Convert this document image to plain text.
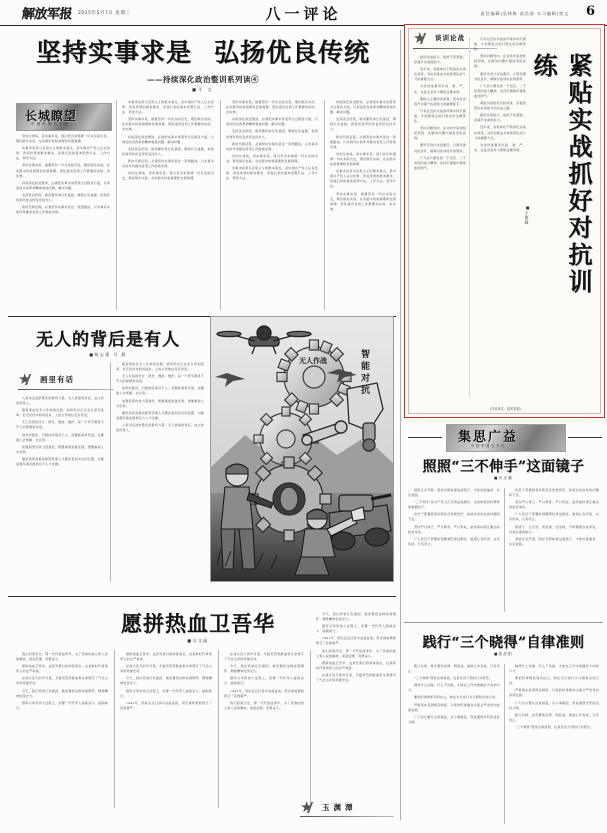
解放军报 2025年5月7日 星期三	八一评论	责任编辑|袁林栋 高浩淇 实习编辑|贾文 6
坚持实事求是 弘扬优良传统
——持续深化政治整训系列读④
■平 言
长城瞭望
中国军网名专栏

党的生命线，是实事求是。我们党历来强调一切从实际出发，理论联系实际，在实践中检验真理和发展真理。

实事求是是马克思主义的根本观点，是中国共产党人认识世界、改造世界的根本要求，是我们党的基本思想方法、工作方法、领导方法。

坚持实事求是，就要坚持一切从实际出发，理论联系实际，在实践中检验真理和发展真理。部队建设各项工作都要讲实际、求实效。

持续深化政治整训，必须把实事求是贯穿全过程各方面，以彻底的自我革命精神查找问题、解决问题。

发扬优良传统，就是要传承红色基因，赓续红色血脉，把我党我军的优良传统发扬光大。

新时代新征程，必须坚持实事求是这一思想路线，以求真务实的作风推动各项工作落地见效。

实事求是是马克思主义的根本观点，是中国共产党人认识世界、改造世界的根本要求，是我们党的基本思想方法、工作方法、领导方法。

坚持实事求是，就要坚持一切从实际出发，理论联系实际，在实践中检验真理和发展真理。部队建设各项工作都要讲实际、求实效。

持续深化政治整训，必须把实事求是贯穿全过程各方面，以彻底的自我革命精神查找问题、解决问题。

发扬优良传统，就是要传承红色基因，赓续红色血脉，把我党我军的优良传统发扬光大。

新时代新征程，必须坚持实事求是这一思想路线，以求真务实的作风推动各项工作落地见效。

党的生命线，是实事求是。我们党历来强调一切从实际出发，理论联系实际，在实践中检验真理和发展真理。

坚持实事求是，就要坚持一切从实际出发，理论联系实际，在实践中检验真理和发展真理。部队建设各项工作都要讲实际、求实效。

持续深化政治整训，必须把实事求是贯穿全过程各方面，以彻底的自我革命精神查找问题、解决问题。

发扬优良传统，就是要传承红色基因，赓续红色血脉，把我党我军的优良传统发扬光大。

新时代新征程，必须坚持实事求是这一思想路线，以求真务实的作风推动各项工作落地见效。

党的生命线，是实事求是。我们党历来强调一切从实际出发，理论联系实际，在实践中检验真理和发展真理。

实事求是是马克思主义的根本观点，是中国共产党人认识世界、改造世界的根本要求，是我们党的基本思想方法、工作方法、领导方法。

持续深化政治整训，必须把实事求是贯穿全过程各方面，以彻底的自我革命精神查找问题、解决问题。

发扬优良传统，就是要传承红色基因，赓续红色血脉，把我党我军的优良传统发扬光大。

新时代新征程，必须坚持实事求是这一思想路线，以求真务实的作风推动各项工作落地见效。

党的生命线，是实事求是。我们党历来强调一切从实际出发，理论联系实际，在实践中检验真理和发展真理。

实事求是是马克思主义的根本观点，是中国共产党人认识世界、改造世界的根本要求，是我们党的基本思想方法、工作方法、领导方法。

坚持实事求是，就要坚持一切从实际出发，理论联系实际，在实践中检验真理和发展真理。部队建设各项工作都要讲实际、求实效。

无人的背后是有人
■杨志强 马 静
★	画里有话

人是决定战争胜负的最终力量。无人装备的背后，站立的依然是人。

随着智能化无人作战的发展，战场形态正在发生深刻变革。但无论技术如何进步，人的主导地位没有改变。

无人系统的设计、研发、操控、维护，每一个环节都离不开人的智慧和创造。

战争的胜负，归根结底取决于人。武器装备再先进，也要靠人去掌握、去运用。

加强新型作战力量建设，既要重视装备发展，更要重视人才培养。

要把培养高素质新型军事人才摆在更加突出的位置，为推进强军事业提供有力人才支撑。

随着智能化无人作战的发展，战场形态正在发生深刻变革。但无论技术如何进步，人的主导地位没有改变。

无人系统的设计、研发、操控、维护，每一个环节都离不开人的智慧和创造。

战争的胜负，归根结底取决于人。武器装备再先进，也要靠人去掌握、去运用。

加强新型作战力量建设，既要重视装备发展，更要重视人才培养。

要把培养高素质新型军事人才摆在更加突出的位置，为推进强军事业提供有力人才支撑。

人是决定战争胜负的最终力量。无人装备的背后，站立的依然是人。

智
能
对
抗
无人作战
作者:周 浩
愿拼热血卫吾华
■冯文晶

我们回望历史，那一代代热血青年，为了民族的独立和人民的解放，前赴后继，英勇奋斗。

愿拼热血卫吾华，这是先辈们的铮铮誓言，也是新时代革命军人的庄严承诺。

在烽火连天的岁月里，无数英烈用鲜血和生命谱写了气壮山河的英雄史诗。

今天，我们传承红色基因，就是要把这种家国情怀、牺牲精神发扬光大。

强军兴军的伟大征程上，需要一代代军人接续奋斗、砥砺前行。

愿拼热血卫吾华，这是先辈们的铮铮誓言，也是新时代革命军人的庄严承诺。

在烽火连天的岁月里，无数英烈用鲜血和生命谱写了气壮山河的英雄史诗。

今天，我们传承红色基因，就是要把这种家国情怀、牺牲精神发扬光大。

强军兴军的伟大征程上，需要一代代军人接续奋斗、砥砺前行。

1941年，部队在反扫荡中浴血奋战，用忠诚和勇敢捍卫了民族尊严。

在烽火连天的岁月里，无数英烈用鲜血和生命谱写了气壮山河的英雄史诗。

今天，我们传承红色基因，就是要把这种家国情怀、牺牲精神发扬光大。

强军兴军的伟大征程上，需要一代代军人接续奋斗、砥砺前行。

1941年，部队在反扫荡中浴血奋战，用忠诚和勇敢捍卫了民族尊严。

我们回望历史，那一代代热血青年，为了民族的独立和人民的解放，前赴后继，英勇奋斗。

今天，我们传承红色基因，就是要把这种家国情怀、牺牲精神发扬光大。

强军兴军的伟大征程上，需要一代代军人接续奋斗、砥砺前行。

1941年，部队在反扫荡中浴血奋战，用忠诚和勇敢捍卫了民族尊严。

我们回望历史，那一代代热血青年，为了民族的独立和人民的解放，前赴后继，英勇奋斗。

愿拼热血卫吾华，这是先辈们的铮铮誓言，也是新时代革命军人的庄严承诺。

在烽火连天的岁月里，无数英烈用鲜血和生命谱写了气壮山河的英雄史诗。

★	玉渊潭
★	谈训论战
紧贴实战抓好对抗训练
■王俊峰

贴近实战练兵，练的不是套路，是真打实备的能力。

近年来，各级单位不断深化实战化训练，对抗训练成为检验部队战斗力的重要方式。

对抗训练要突出真、难、严、实，在复杂条件下锤炼过硬本领。

要树立正确的训练观，把对抗训练作为提升实战能力的重要抓手。

只有在近似实战的环境中摔打磨砺，才能锻造出能打胜仗的过硬部队。

坚持问题导向，在对抗中查找短板弱项，在解决问题中提高训练质效。

要科学设计对抗课目，合理设置对抗条件，确保对抗训练有效管用。

广大官兵要发扬一不怕苦、二不怕死的战斗精神，在摔打磨砺中锤炼血性胆气。

只有在近似实战的环境中摔打磨砺，才能锻造出能打胜仗的过硬部队。

坚持问题导向，在对抗中查找短板弱项，在解决问题中提高训练质效。

要科学设计对抗课目，合理设置对抗条件，确保对抗训练有效管用。

广大官兵要发扬一不怕苦、二不怕死的战斗精神，在摔打磨砺中锤炼血性胆气。

紧贴实战抓好对抗训练，是提高部队实战能力的必由之路。

贴近实战练兵，练的不是套路，是真打实备的能力。

近年来，各级单位不断深化实战化训练，对抗训练成为检验部队战斗力的重要方式。

对抗训练要突出真、难、严、实，在复杂条件下锤炼过硬本领。

（作者单位：陆军某旅）
集思广益
中国军网名专栏
照照“三不伸手”这面镜子
■肖光鹏

基层任务开展，照好对照检视这面镜子，才能校准偏差、补足差距。

“三不伸手”是共产党人应有的品格操守，也是检验党性修养的重要标尺。

党员干部要经常对照党章党规党纪，检视自身存在的问题和不足。

坚持严以律己、严以修身、严以用权，始终保持清正廉洁的政治本色。

广大党员干部要时刻绷紧纪律这根弦，做到心有所畏、言有所戒、行有所止。

党员干部要经常对照党章党规党纪，检视自身存在的问题和不足。

坚持严以律己、严以修身、严以用权，始终保持清正廉洁的政治本色。

广大党员干部要时刻绷紧纪律这根弦，做到心有所畏、言有所戒、行有所止。

照镜子、正衣冠、洗洗澡、治治病，不断增强自我净化、自我完善的能力。

基层任务开展，照好对照检视这面镜子，才能校准偏差、补足差距。

践行“三个晓得”自律准则
■张淳阳

践行自律，首先要知边界、明底线，做到心中有戒、行有所止。

“三个晓得”既是自律准则，也是党员干部的行为规范。

晓得什么该做、什么不该做，才能在工作中把握好方向和分寸。

要把纪律规矩刻印在心，转化为日常行为习惯和自觉行动。

严格落实各项规章制度，以铁的纪律推动全面从严治党向纵深发展。

广大官兵要从自身做起，从小事做起，养成遵规守纪的良好习惯。

晓得什么该做、什么不该做，才能在工作中把握好方向和分寸。

要把纪律规矩刻印在心，转化为日常行为习惯和自觉行动。

严格落实各项规章制度，以铁的纪律推动全面从严治党向纵深发展。

广大官兵要从自身做起，从小事做起，养成遵规守纪的良好习惯。

践行自律，首先要知边界、明底线，做到心中有戒、行有所止。

“三个晓得”既是自律准则，也是党员干部的行为规范。
